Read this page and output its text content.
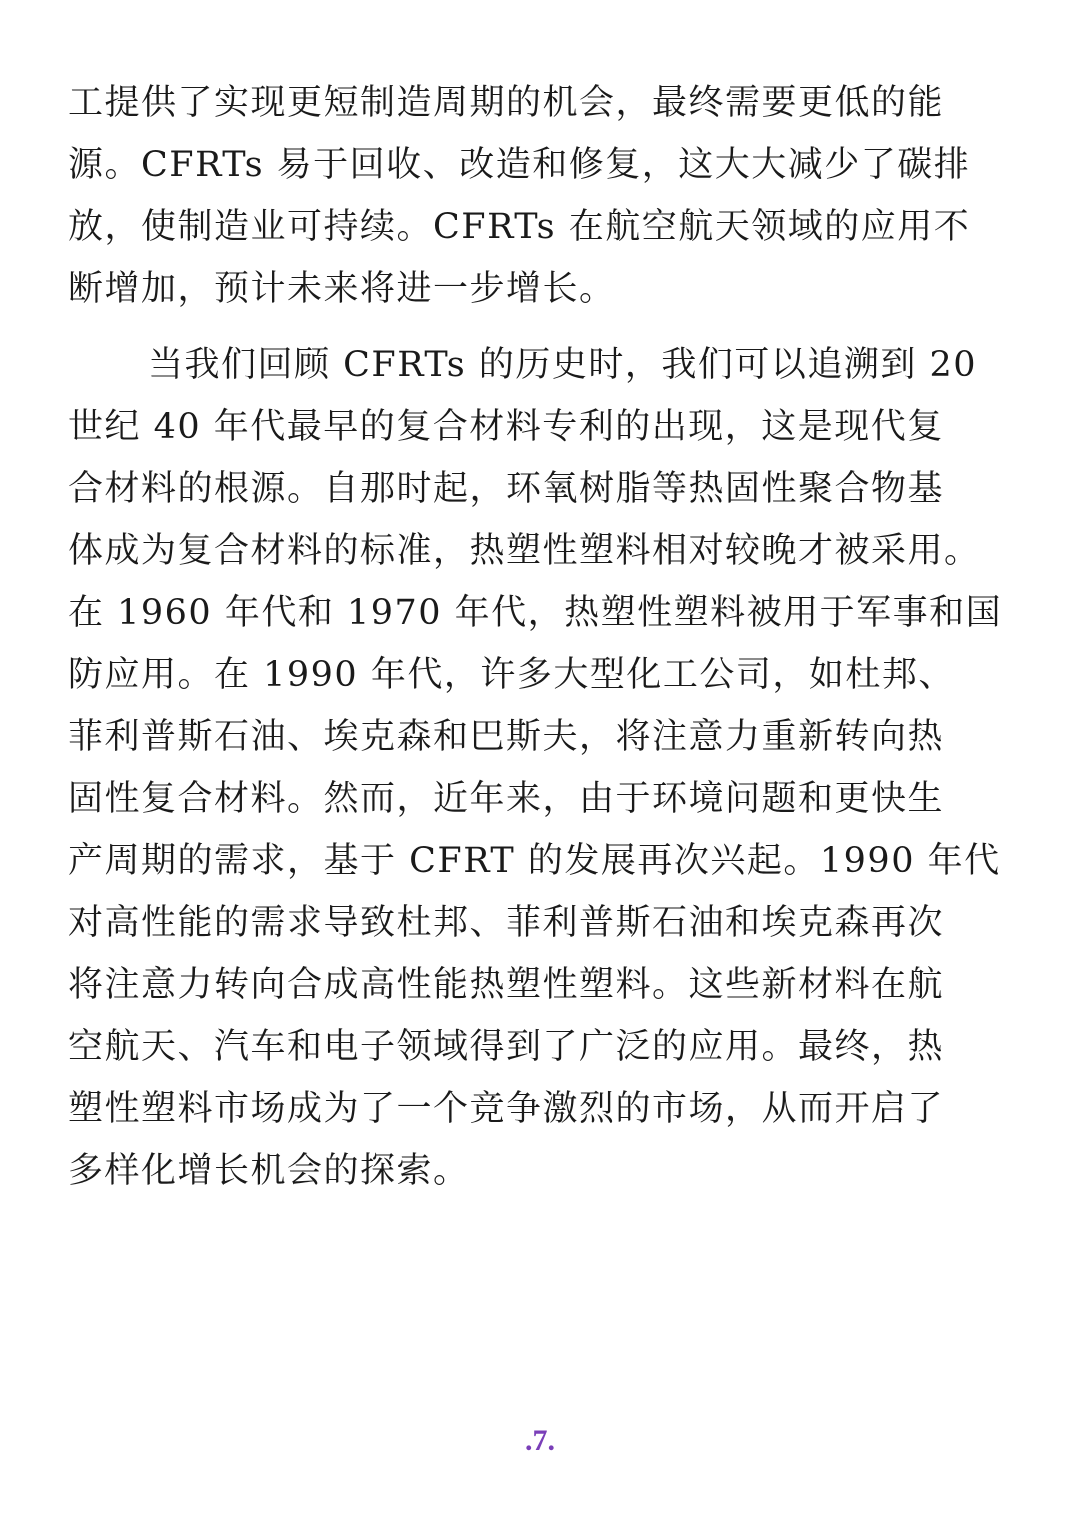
工提供了实现更短制造周期的机会，最终需要更低的能
源。CFRTs 易于回收、改造和修复，这大大减少了碳排
放，使制造业可持续。CFRTs 在航空航天领域的应用不
断增加，预计未来将进一步增长。
当我们回顾 CFRTs 的历史时，我们可以追溯到 20
世纪 40 年代最早的复合材料专利的出现，这是现代复
合材料的根源。自那时起，环氧树脂等热固性聚合物基
体成为复合材料的标准，热塑性塑料相对较晚才被采用。
在 1960 年代和 1970 年代，热塑性塑料被用于军事和国
防应用。在 1990 年代，许多大型化工公司，如杜邦、
菲利普斯石油、埃克森和巴斯夫，将注意力重新转向热
固性复合材料。然而，近年来，由于环境问题和更快生
产周期的需求，基于 CFRT 的发展再次兴起。1990 年代
对高性能的需求导致杜邦、菲利普斯石油和埃克森再次
将注意力转向合成高性能热塑性塑料。这些新材料在航
空航天、汽车和电子领域得到了广泛的应用。最终，热
塑性塑料市场成为了一个竞争激烈的市场，从而开启了
多样化增长机会的探索。
.7.
